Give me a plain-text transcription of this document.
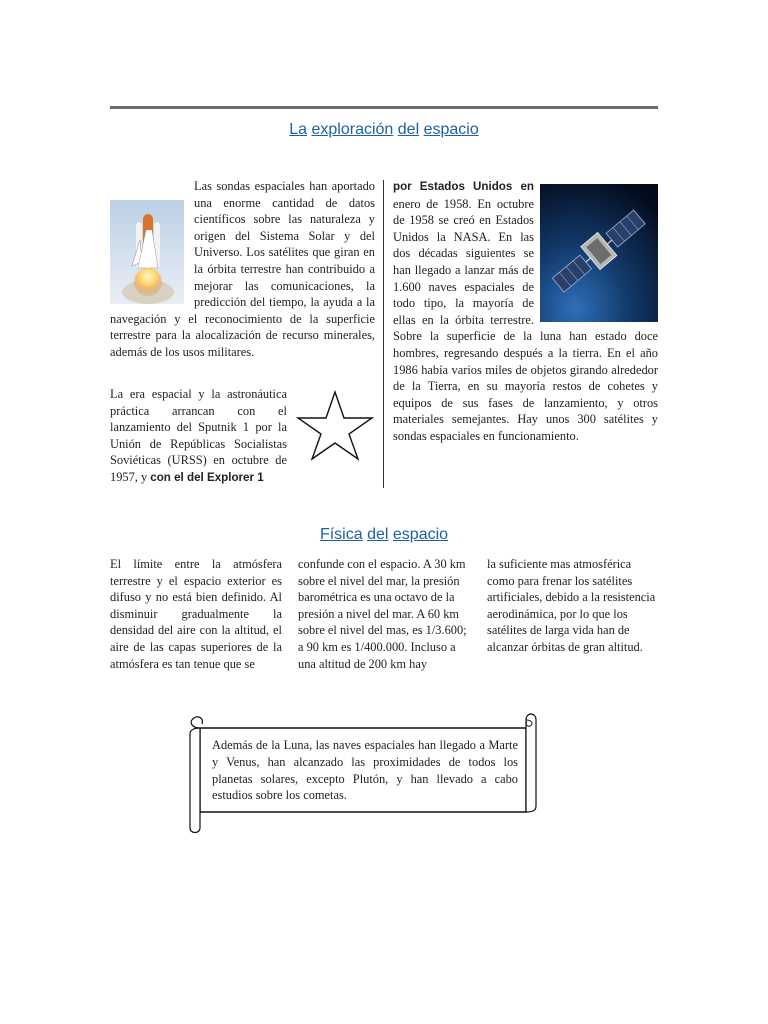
La exploración del espacio

Las sondas espaciales han aportado una enorme cantidad de datos científicos sobre las naturaleza y origen del Sistema Solar y del Universo. Los satélites que giran en la órbita terrestre han contribuido a mejorar las comunicaciones, la predicción del tiempo, la ayuda a la navegación y el reconocimiento de la superficie terrestre para la alocalización de recurso minerales, además de los usos militares.

La era espacial y la astronáutica práctica arrancan con el lanzamiento del Sputnik 1 por la Unión de Repúblicas Socialistas Soviéticas (URSS) en octubre de 1957, y con el del Explorer 1

por Estados Unidos en enero de 1958. En octubre de 1958 se creó en Estados Unidos la NASA. En las dos décadas siguientes se han llegado a lanzar más de 1.600 naves espaciales de todo tipo, la mayoría de ellas en la órbita terrestre. Sobre la superficie de la luna han estado doce hombres, regresando después a la tierra. En el año 1986 había varios miles de objetos girando alrededor de la Tierra, en su mayoría restos de cohetes y equipos de sus fases de lanzamiento, y otros materiales semejantes. Hay unos 300 satélites y sondas espaciales en funcionamiento.

Física del espacio

El límite entre la atmósfera terrestre y el espacio exterior es difuso y no está bien definido. Al disminuir gradualmente la densidad del aire con la altitud, el aire de las capas superiores de la atmósfera es tan tenue que se

confunde con el espacio. A 30 km sobre el nivel del mar, la presión barométrica es una octavo de la presión a nivel del mar. A 60 km sobre el nivel del mas, es 1/3.600; a 90 km es 1/400.000. Incluso a una altitud de 200 km hay

la suficiente mas atmosférica como para frenar los satélites artificiales, debido a la resistencia aerodinámica, por lo que los satélites de larga vida han de alcanzar órbitas de gran altitud.

Además de la Luna, las naves espaciales han llegado a Marte y Venus, han alcanzado las proximidades de todos los planetas solares, excepto Plutón, y han llevado a cabo estudios sobre los cometas.
